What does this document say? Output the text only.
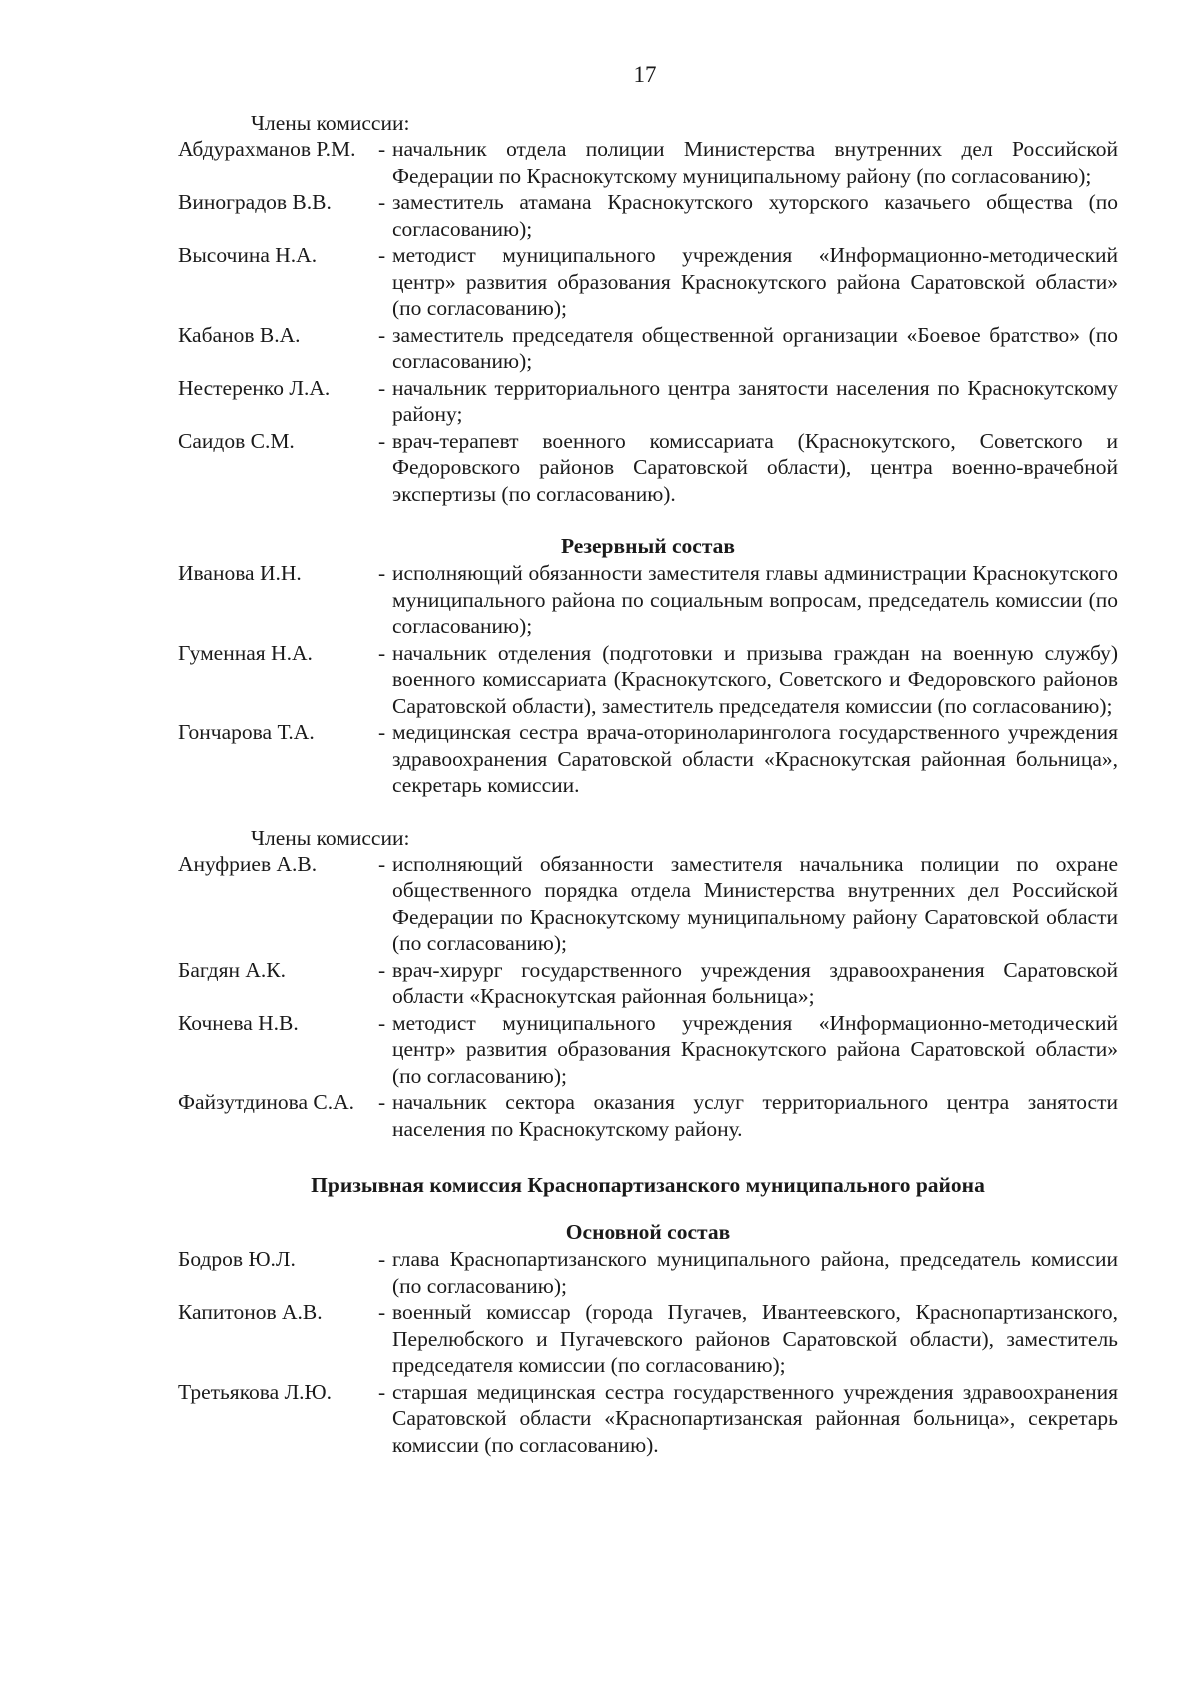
17
Члены комиссии:
Абдурахманов Р.М.	- начальник отдела полиции Министерства внутренних дел Российской Федерации по Краснокутскому муниципальному району (по согласованию);
Виноградов В.В.	- заместитель атамана Краснокутского хуторского казачьего общества (по согласованию);
Высочина Н.А.	- методист муниципального учреждения «Информационно-методический центр» развития образования Краснокутского района Саратовской области» (по согласованию);
Кабанов В.А.	- заместитель председателя общественной организации «Боевое братство» (по согласованию);
Нестеренко Л.А.	- начальник территориального центра занятости населения по Краснокутскому району;
Саидов С.М.	- врач-терапевт военного комиссариата (Краснокутского, Советского и Федоровского районов Саратовской области), центра военно-врачебной экспертизы (по согласованию).
Резервный состав
Иванова И.Н.	- исполняющий обязанности заместителя главы администрации Краснокутского муниципального района по социальным вопросам, председатель комиссии (по согласованию);
Гуменная Н.А.	- начальник отделения (подготовки и призыва граждан на военную службу) военного комиссариата (Краснокутского, Советского и Федоровского районов Саратовской области), заместитель председателя комиссии (по согласованию);
Гончарова Т.А.	- медицинская сестра врача-оториноларинголога государственного учреждения здравоохранения Саратовской области «Краснокутская районная больница», секретарь комиссии.
Члены комиссии:
Ануфриев А.В.	- исполняющий обязанности заместителя начальника полиции по охране общественного порядка отдела Министерства внутренних дел Российской Федерации по Краснокутскому муниципальному району Саратовской области (по согласованию);
Багдян А.К.	- врач-хирург государственного учреждения здравоохранения Саратовской области «Краснокутская районная больница»;
Кочнева Н.В.	- методист муниципального учреждения «Информационно-методический центр» развития образования Краснокутского района Саратовской области» (по согласованию);
Файзутдинова С.А.	- начальник сектора оказания услуг территориального центра занятости населения по Краснокутскому району.
Призывная комиссия Краснопартизанского муниципального района
Основной состав
Бодров Ю.Л.	- глава Краснопартизанского муниципального района, председатель комиссии (по согласованию);
Капитонов А.В.	- военный комиссар (города Пугачев, Ивантеевского, Краснопартизанского, Перелюбского и Пугачевского районов Саратовской области), заместитель председателя комиссии (по согласованию);
Третьякова Л.Ю.	- старшая медицинская сестра государственного учреждения здравоохранения Саратовской области «Краснопартизанская районная больница», секретарь комиссии (по согласованию).
